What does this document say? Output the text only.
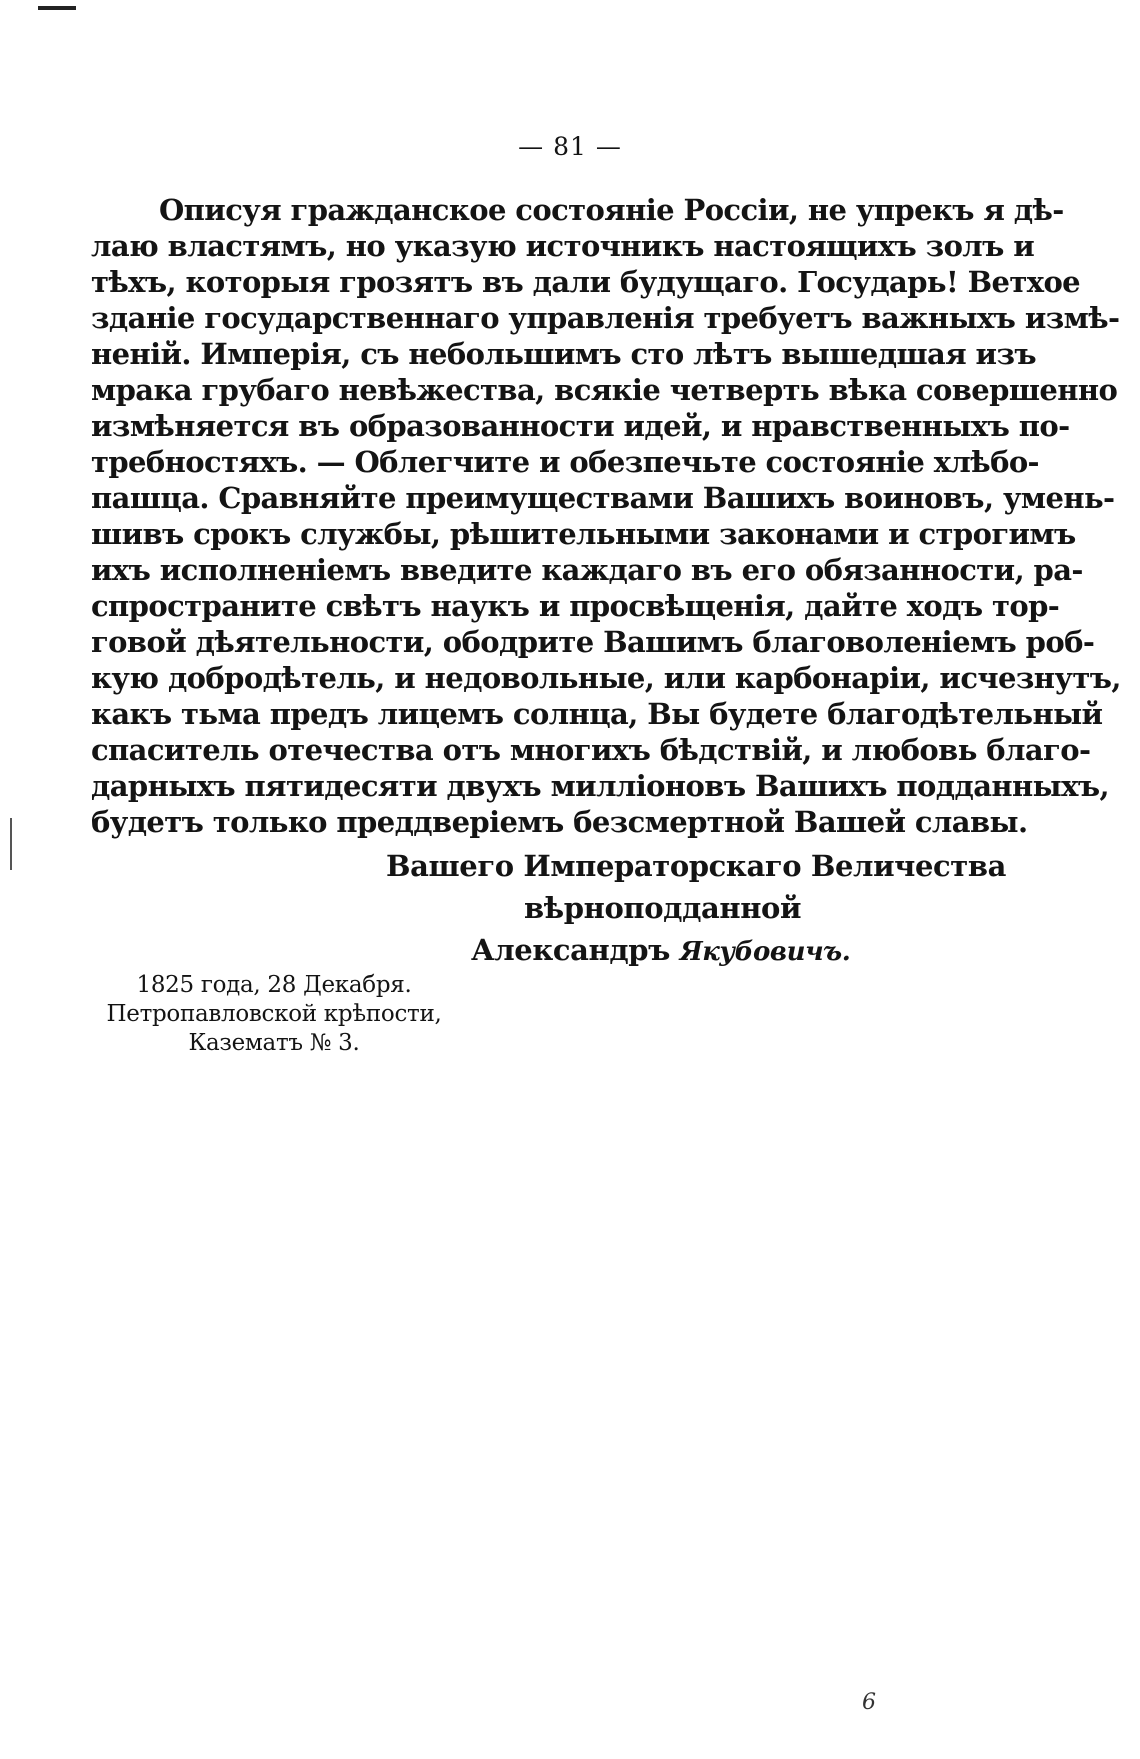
— 81 —
Описуя гражданское состояніе Россіи, не упрекъ я дѣ-
лаю властямъ, но указую источникъ настоящихъ золъ и
тѣхъ, которыя грозятъ въ дали будущаго. Государь! Ветхое
зданіе государственнаго управленія требуетъ важныхъ измѣ-
неній. Имперія, съ небольшимъ сто лѣтъ вышедшая изъ
мрака грубаго невѣжества, всякіе четверть вѣка совершенно
измѣняется въ образованности идей, и нравственныхъ по-
требностяхъ. — Облегчите и обезпечьте состояніе хлѣбо-
пашца. Сравняйте преимуществами Вашихъ воиновъ, умень-
шивъ срокъ службы, рѣшительными законами и строгимъ
ихъ исполненіемъ введите каждаго въ его обязанности, ра-
спространите свѣтъ наукъ и просвѣщенія, дайте ходъ тор-
говой дѣятельности, ободрите Вашимъ благоволеніемъ роб-
кую добродѣтель, и недовольные, или карбонаріи, исчезнутъ,
какъ тьма предъ лицемъ солнца, Вы будете благодѣтельный
спаситель отечества отъ многихъ бѣдствій, и любовь благо-
дарныхъ пятидесяти двухъ милліоновъ Вашихъ подданныхъ,
будетъ только преддверіемъ безсмертной Вашей славы.
Вашего Императорскаго Величества
вѣрноподданной
Александръ Якубовичъ.
1825 года, 28 Декабря.
Петропавловской крѣпости,
Казематъ № 3.
6
